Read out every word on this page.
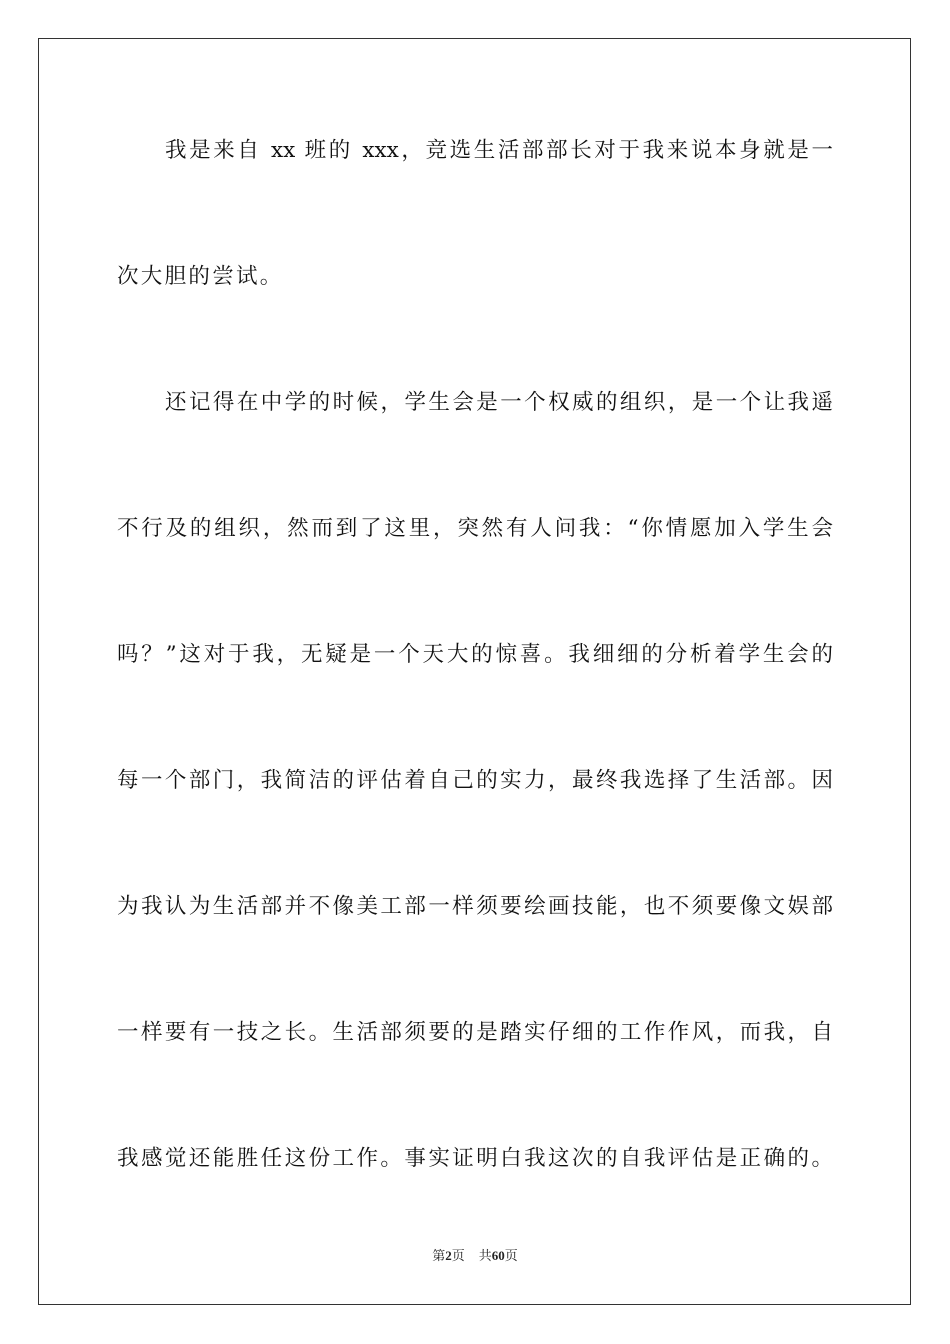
我是来自 xx 班的 xxx，竞选生活部部长对于我来说本身就是一
次大胆的尝试。
还记得在中学的时候，学生会是一个权威的组织，是一个让我遥
不行及的组织，然而到了这里，突然有人问我：“你情愿加入学生会
吗？”这对于我，无疑是一个天大的惊喜。我细细的分析着学生会的
每一个部门，我简洁的评估着自己的实力，最终我选择了生活部。因
为我认为生活部并不像美工部一样须要绘画技能，也不须要像文娱部
一样要有一技之长。生活部须要的是踏实仔细的工作作风，而我，自
我感觉还能胜任这份工作。事实证明白我这次的自我评估是正确的。
第2页 共60页
